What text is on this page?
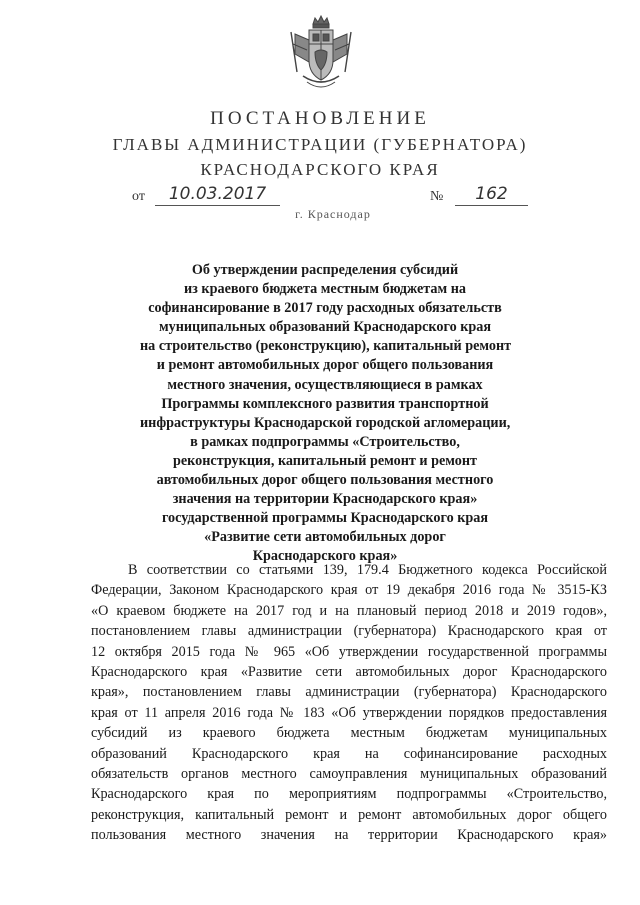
ПОСТАНОВЛЕНИЕ
ГЛАВЫ АДМИНИСТРАЦИИ (ГУБЕРНАТОРА)
КРАСНОДАРСКОГО КРАЯ
от	10.03.2017	№	162
г. Краснодар
Об утверждении распределения субсидий
из краевого бюджета местным бюджетам на
софинансирование в 2017 году расходных обязательств
муниципальных образований Краснодарского края
на строительство (реконструкцию), капитальный ремонт
и ремонт автомобильных дорог общего пользования
местного значения, осуществляющиеся в рамках
Программы комплексного развития транспортной
инфраструктуры Краснодарской городской агломерации,
в рамках подпрограммы «Строительство,
реконструкция, капитальный ремонт и ремонт
автомобильных дорог общего пользования местного
значения на территории Краснодарского края»
государственной программы Краснодарского края
«Развитие сети автомобильных дорог
Краснодарского края»
В соответствии со статьями 139, 179.4 Бюджетного кодекса Российской
Федерации, Законом Краснодарского края от 19 декабря 2016 года № 3515-КЗ
«О краевом бюджете на 2017 год и на плановый период 2018 и 2019 годов»,
постановлением главы администрации (губернатора) Краснодарского края от
12 октября 2015 года № 965 «Об утверждении государственной программы
Краснодарского края «Развитие сети автомобильных дорог Краснодарского
края», постановлением главы администрации (губернатора) Краснодарского
края от 11 апреля 2016 года № 183 «Об утверждении порядков предоставления
субсидий из краевого бюджета местным бюджетам муниципальных
образований Краснодарского края на софинансирование расходных
обязательств органов местного самоуправления муниципальных образований
Краснодарского края по мероприятиям подпрограммы «Строительство,
реконструкция, капитальный ремонт и ремонт автомобильных дорог общего
пользования местного значения на территории Краснодарского края»
